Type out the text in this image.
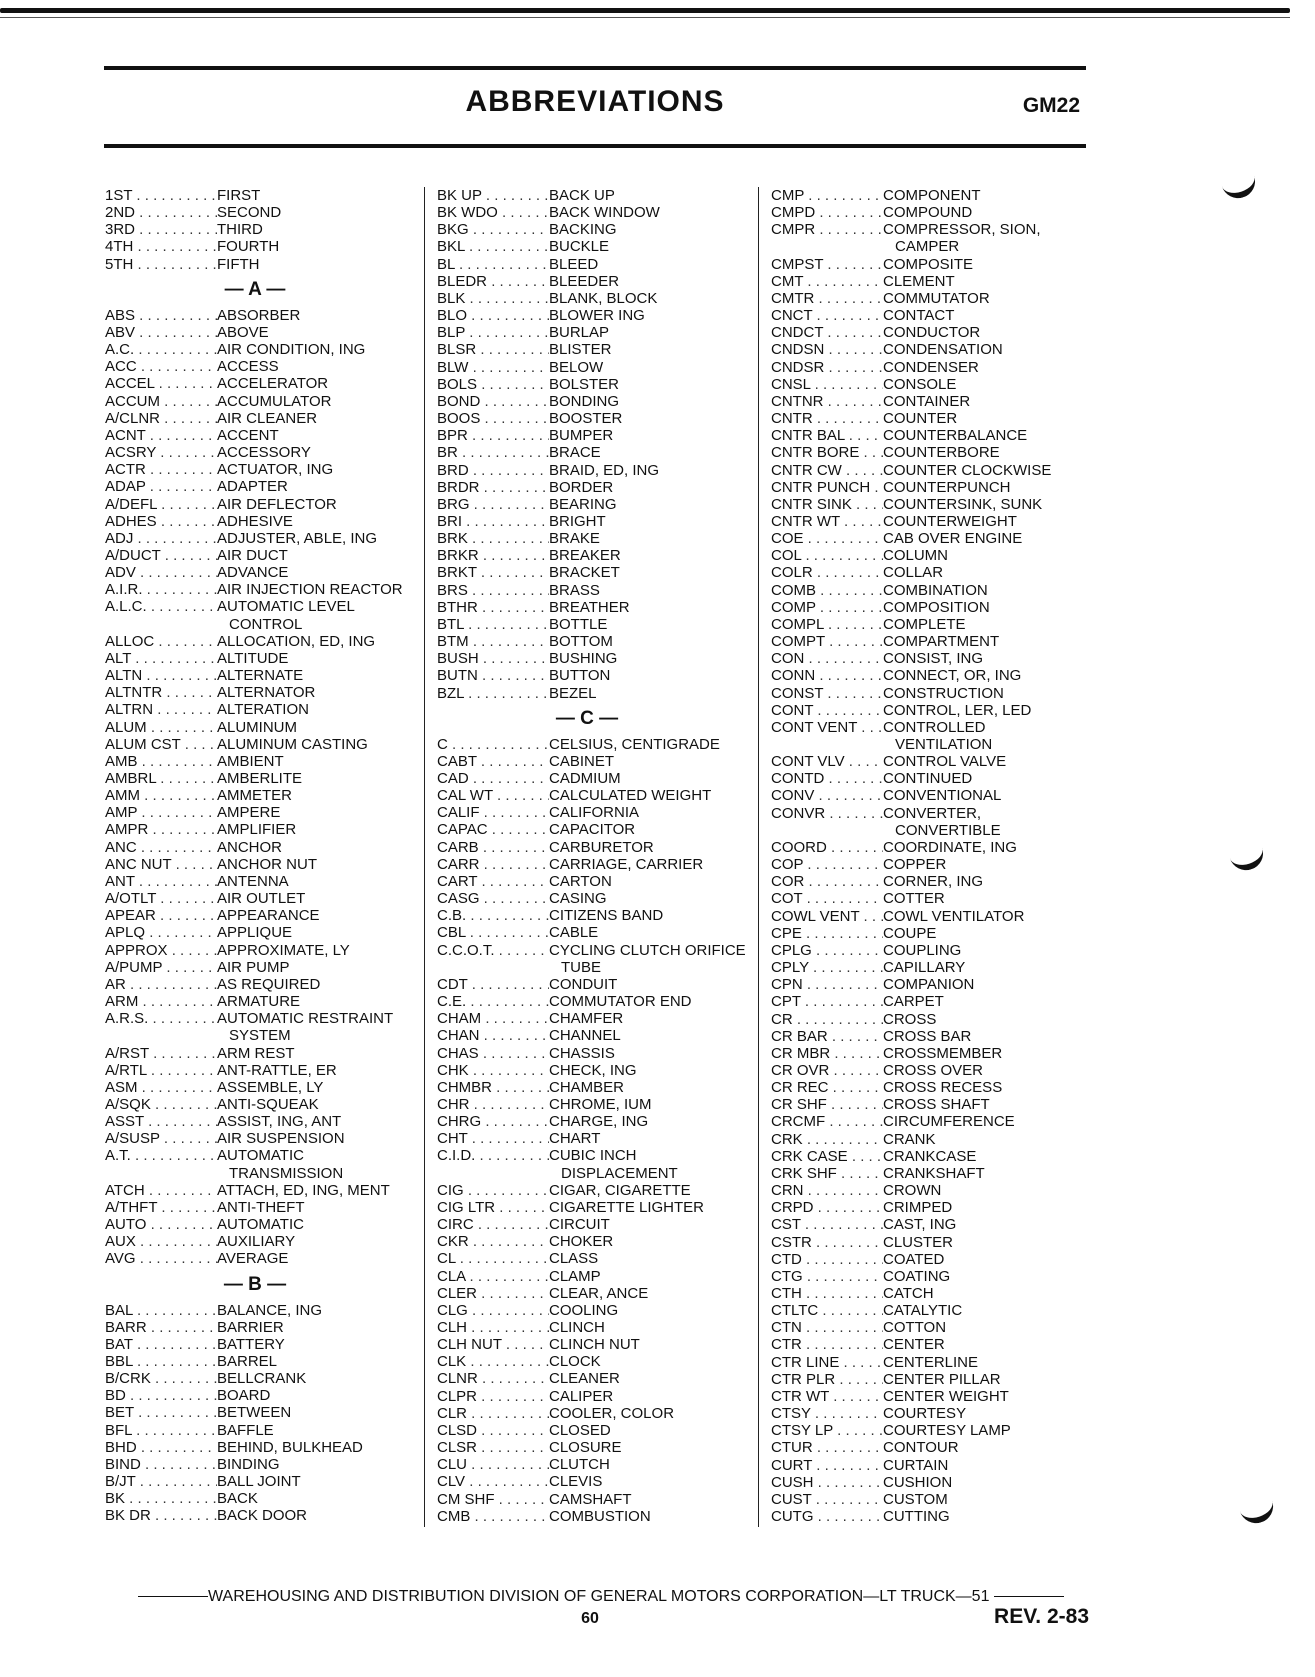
ABBREVIATIONS	GM22
1ST . . .	FIRST
2ND . . .	SECOND
3RD . . .	THIRD
4TH . . .	FOURTH
5TH . . .	FIFTH
— A —
ABS . . .	ABSORBER
ABV . . .	ABOVE
A.C. . . .	AIR CONDITION, ING
ACC . . .	ACCESS
ACCEL . . .	ACCELERATOR
ACCUM . . .	ACCUMULATOR
A/CLNR . . .	AIR CLEANER
ACNT . . .	ACCENT
ACSRY . . .	ACCESSORY
ACTR . . .	ACTUATOR, ING
ADAP . . .	ADAPTER
A/DEFL . . .	AIR DEFLECTOR
ADHES . . .	ADHESIVE
ADJ . . .	ADJUSTER, ABLE, ING
A/DUCT . . .	AIR DUCT
ADV . . .	ADVANCE
A.I.R. . . .	AIR INJECTION REACTOR
A.L.C. . . .	AUTOMATIC LEVEL
CONTROL
ALLOC . . .	ALLOCATION, ED, ING
ALT . . .	ALTITUDE
ALTN . . .	ALTERNATE
ALTNTR . . .	ALTERNATOR
ALTRN . . .	ALTERATION
ALUM . . .	ALUMINUM
ALUM CST . . . ALUMINUM CASTING
AMB . . .	AMBIENT
AMBRL . . .	AMBERLITE
AMM . . .	AMMETER
AMP . . .	AMPERE
AMPR . . .	AMPLIFIER
ANC . . .	ANCHOR
ANC NUT . . .	ANCHOR NUT
ANT . . .	ANTENNA
A/OTLT . . .	AIR OUTLET
APEAR . . .	APPEARANCE
APLQ . . .	APPLIQUE
APPROX . . .	APPROXIMATE, LY
A/PUMP . . .	AIR PUMP
AR . . .	AS REQUIRED
ARM . . .	ARMATURE
A.R.S. . . .	AUTOMATIC RESTRAINT
SYSTEM
A/RST . . .	ARM REST
A/RTL . . .	ANT-RATTLE, ER
ASM . . .	ASSEMBLE, LY
A/SQK . . .	ANTI-SQUEAK
ASST . . .	ASSIST, ING, ANT
A/SUSP . . .	AIR SUSPENSION
A.T. . . .	AUTOMATIC
TRANSMISSION
ATCH . . .	ATTACH, ED, ING, MENT
A/THFT . . .	ANTI-THEFT
AUTO . . .	AUTOMATIC
AUX . . .	AUXILIARY
AVG . . .	AVERAGE
— B —
BAL . . .	BALANCE, ING
BARR . . .	BARRIER
BAT . . .	BATTERY
BBL . . .	BARREL
B/CRK . . .	BELLCRANK
BD . . .	BOARD
BET . . .	BETWEEN
BFL . . .	BAFFLE
BHD . . .	BEHIND, BULKHEAD
BIND . . .	BINDING
B/JT . . .	BALL JOINT
BK . . .	BACK
BK DR . . .	BACK DOOR
BK UP . . .	BACK UP
BK WDO . . .	BACK WINDOW
BKG . . .	BACKING
BKL . . .	BUCKLE
BL . . .	BLEED
BLEDR . . .	BLEEDER
BLK . . .	BLANK, BLOCK
BLO . . .	BLOWER ING
BLP . . .	BURLAP
BLSR . . .	BLISTER
BLW . . .	BELOW
BOLS . . .	BOLSTER
BOND . . .	BONDING
BOOS . . .	BOOSTER
BPR . . .	BUMPER
BR . . .	BRACE
BRD . . .	BRAID, ED, ING
BRDR . . .	BORDER
BRG . . .	BEARING
BRI . . .	BRIGHT
BRK . . .	BRAKE
BRKR . . .	BREAKER
BRKT . . .	BRACKET
BRS . . .	BRASS
BTHR . . .	BREATHER
BTL . . .	BOTTLE
BTM . . .	BOTTOM
BUSH . . .	BUSHING
BUTN . . .	BUTTON
BZL . . .	BEZEL
— C —
C . . .	CELSIUS, CENTIGRADE
CABT . . .	CABINET
CAD . . .	CADMIUM
CAL WT . . .	CALCULATED WEIGHT
CALIF . . .	CALIFORNIA
CAPAC . . .	CAPACITOR
CARB . . .	CARBURETOR
CARR . . .	CARRIAGE, CARRIER
CART . . .	CARTON
CASG . . .	CASING
C.B. . . .	CITIZENS BAND
CBL . . .	CABLE
C.C.O.T. . . .	CYCLING CLUTCH ORIFICE
TUBE
CDT . . .	CONDUIT
C.E. . . .	COMMUTATOR END
CHAM . . .	CHAMFER
CHAN . . .	CHANNEL
CHAS . . .	CHASSIS
CHK . . .	CHECK, ING
CHMBR . . .	CHAMBER
CHR . . .	CHROME, IUM
CHRG . . .	CHARGE, ING
CHT . . .	CHART
C.I.D. . . .	CUBIC INCH
DISPLACEMENT
CIG . . .	CIGAR, CIGARETTE
CIG LTR . . .	CIGARETTE LIGHTER
CIRC . . .	CIRCUIT
CKR . . .	CHOKER
CL . . .	CLASS
CLA . . .	CLAMP
CLER . . .	CLEAR, ANCE
CLG . . .	COOLING
CLH . . .	CLINCH
CLH NUT . . .	CLINCH NUT
CLK . . .	CLOCK
CLNR . . .	CLEANER
CLPR . . .	CALIPER
CLR . . .	COOLER, COLOR
CLSD . . .	CLOSED
CLSR . . .	CLOSURE
CLU . . .	CLUTCH
CLV . . .	CLEVIS
CM SHF . . .	CAMSHAFT
CMB . . .	COMBUSTION
CMP . . .	COMPONENT
CMPD . . .	COMPOUND
CMPR . . .	COMPRESSOR, SION,
CAMPER
CMPST . . .	COMPOSITE
CMT . . .	CLEMENT
CMTR . . .	COMMUTATOR
CNCT . . .	CONTACT
CNDCT . . .	CONDUCTOR
CNDSN . . .	CONDENSATION
CNDSR . . .	CONDENSER
CNSL . . .	CONSOLE
CNTNR . . .	CONTAINER
CNTR . . .	COUNTER
CNTR BAL . . .	COUNTERBALANCE
CNTR BORE . . . COUNTERBORE
CNTR CW . . .	COUNTER CLOCKWISE
CNTR PUNCH . . . COUNTERPUNCH
CNTR SINK . . . COUNTERSINK, SUNK
CNTR WT . . .	COUNTERWEIGHT
COE . . .	CAB OVER ENGINE
COL . . .	COLUMN
COLR . . .	COLLAR
COMB . . .	COMBINATION
COMP . . .	COMPOSITION
COMPL . . .	COMPLETE
COMPT . . .	COMPARTMENT
CON . . .	CONSIST, ING
CONN . . .	CONNECT, OR, ING
CONST . . .	CONSTRUCTION
CONT . . .	CONTROL, LER, LED
CONT VENT . . . CONTROLLED
VENTILATION
CONT VLV . . .	CONTROL VALVE
CONTD . . .	CONTINUED
CONV . . .	CONVENTIONAL
CONVR . . .	CONVERTER,
CONVERTIBLE
COORD . . .	COORDINATE, ING
COP . . .	COPPER
COR . . .	CORNER, ING
COT . . .	COTTER
COWL VENT . . . COWL VENTILATOR
CPE . . .	COUPE
CPLG . . .	COUPLING
CPLY . . .	CAPILLARY
CPN . . .	COMPANION
CPT . . .	CARPET
CR . . .	CROSS
CR BAR . . .	CROSS BAR
CR MBR . . .	CROSSMEMBER
CR OVR . . .	CROSS OVER
CR REC . . .	CROSS RECESS
CR SHF . . .	CROSS SHAFT
CRCMF . . .	CIRCUMFERENCE
CRK . . .	CRANK
CRK CASE . . . CRANKCASE
CRK SHF . . .	CRANKSHAFT
CRN . . .	CROWN
CRPD . . .	CRIMPED
CST . . .	CAST, ING
CSTR . . .	CLUSTER
CTD . . .	COATED
CTG . . .	COATING
CTH . . .	CATCH
CTLTC . . .	CATALYTIC
CTN . . .	COTTON
CTR . . .	CENTER
CTR LINE . . .	CENTERLINE
CTR PLR . . .	CENTER PILLAR
CTR WT . . .	CENTER WEIGHT
CTSY . . .	COURTESY
CTSY LP . . .	COURTESY LAMP
CTUR . . .	CONTOUR
CURT . . .	CURTAIN
CUSH . . .	CUSHION
CUST . . .	CUSTOM
CUTG . . .	CUTTING
WAREHOUSING AND DISTRIBUTION DIVISION OF GENERAL MOTORS CORPORATION—LT TRUCK—51
60	REV. 2-83
